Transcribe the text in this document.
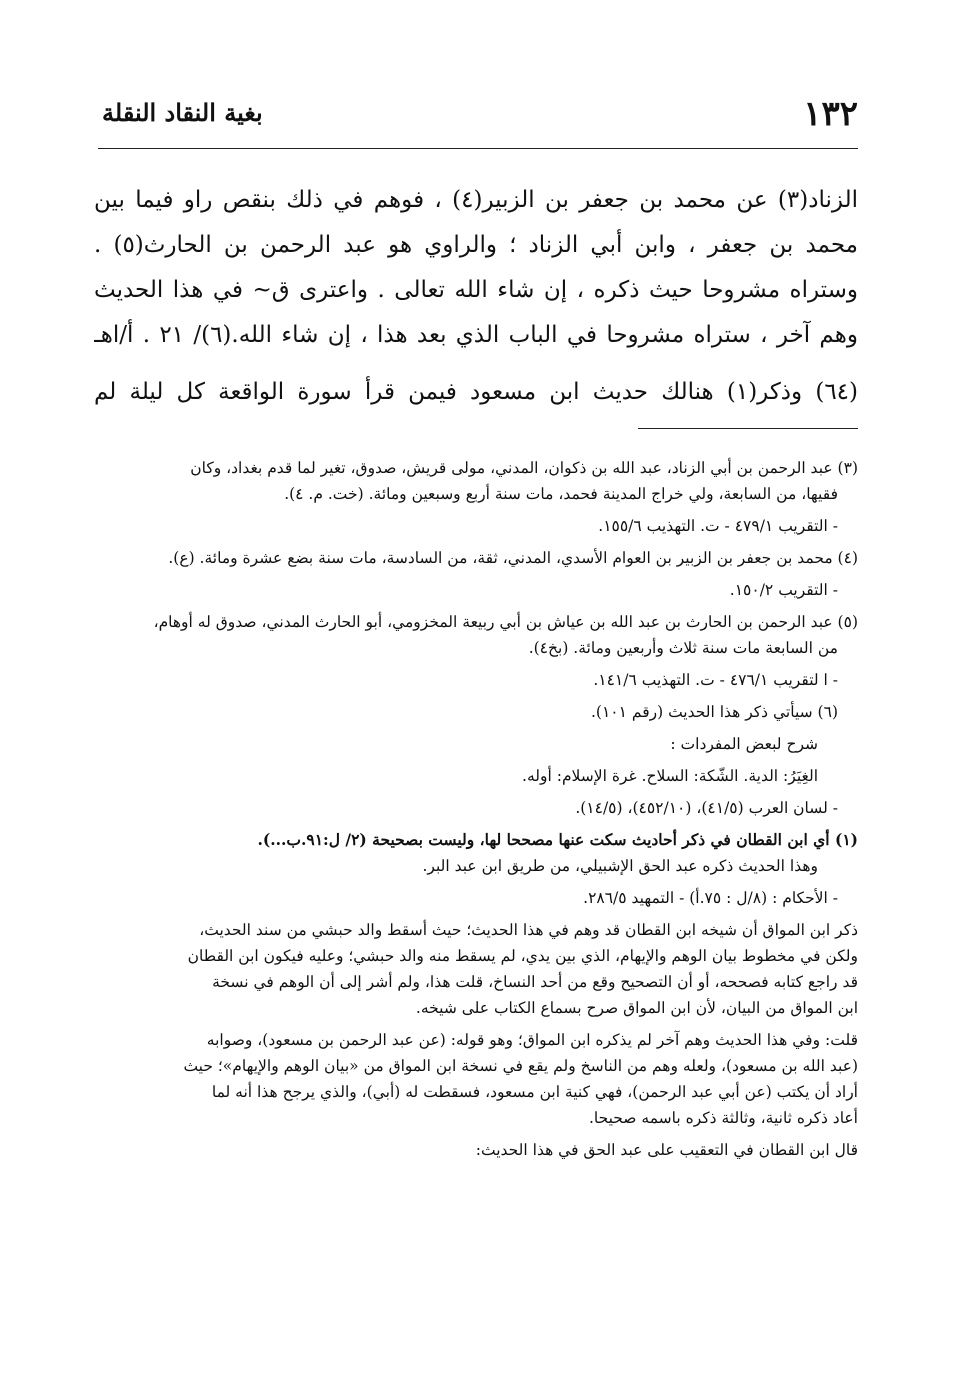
١٣٢
بغية النقاد النقلة
الزناد(٣) عن محمد بن جعفر بن الزبير(٤) ، فوهم في ذلك بنقص راو فيما بين
محمد بن جعفر ، وابن أبي الزناد ؛ والراوي هو عبد الرحمن بن الحارث(٥) .
وستراه مشروحا حيث ذكره ، إن شاء الله تعالى . واعترى ق~ في هذا الحديث
وهم آخر ، ستراه مشروحا في الباب الذي بعد هذا ، إن شاء الله.(٦)/ ٢١ . أ/اهـ
(٦٤) وذكر(١) هنالك حديث ابن مسعود فيمن قرأ سورة الواقعة كل ليلة لم
(٣) عبد الرحمن بن أبي الزناد، عبد الله بن ذكوان، المدني، مولى قريش، صدوق، تغير لما قدم بغداد، وكان
فقيها، من السابعة، ولي خراج المدينة فحمد، مات سنة أربع وسبعين ومائة. (خت. م. ٤).
- التقريب ٤٧٩/١ - ت. التهذيب ١٥٥/٦.
(٤) محمد بن جعفر بن الزبير بن العوام الأسدي، المدني، ثقة، من السادسة، مات سنة بضع عشرة ومائة. (ع).
- التقريب ١٥٠/٢.
(٥) عبد الرحمن بن الحارث بن عبد الله بن عياش بن أبي ربيعة المخزومي، أبو الحارث المدني، صدوق له أوهام،
من السابعة مات سنة ثلاث وأربعين ومائة. (بخ٤).
- ا لتقريب ٤٧٦/١ - ت. التهذيب ١٤١/٦.
(٦) سيأتي ذكر هذا الحديث (رقم ١٠١).
شرح لبعض المفردات :
الغِيَرُ: الدية. الشّكة: السلاح. غرة الإسلام: أوله.
- لسان العرب (٤١/٥)، (٤٥٢/١٠)، (١٤/٥).
(١) أي ابن القطان في ذكر أحاديث سكت عنها مصححا لها، وليست بصحيحة (٢/ ل:٩١.ب...).
وهذا الحديث ذكره عبد الحق الإشبيلي، من طريق ابن عبد البر.
- الأحكام : (٨/ل : ٧٥.أ) - التمهيد ٢٨٦/٥.
ذكر ابن المواق أن شيخه ابن القطان قد وهم في هذا الحديث؛ حيث أسقط والد حبشي من سند الحديث،
ولكن في مخطوط بيان الوهم والإيهام، الذي بين يدي، لم يسقط منه والد حبشي؛ وعليه فيكون ابن القطان
قد راجع كتابه فصححه، أو أن التصحيح وقع من أحد النساخ، قلت هذا، ولم أشر إلى أن الوهم في نسخة
ابن المواق من البيان، لأن ابن المواق صرح بسماع الكتاب على شيخه.
قلت: وفي هذا الحديث وهم آخر لم يذكره ابن المواق؛ وهو قوله: (عن عبد الرحمن بن مسعود)، وصوابه
(عبد الله بن مسعود)، ولعله وهم من الناسخ ولم يقع في نسخة ابن المواق من «بيان الوهم والإيهام»؛ حيث
أراد أن يكتب (عن أبي عبد الرحمن)، فهي كنية ابن مسعود، فسقطت له (أبي)، والذي يرجح هذا أنه لما
أعاد ذكره ثانية، وثالثة ذكره باسمه صحيحا.
قال ابن القطان في التعقيب على عبد الحق في هذا الحديث:
